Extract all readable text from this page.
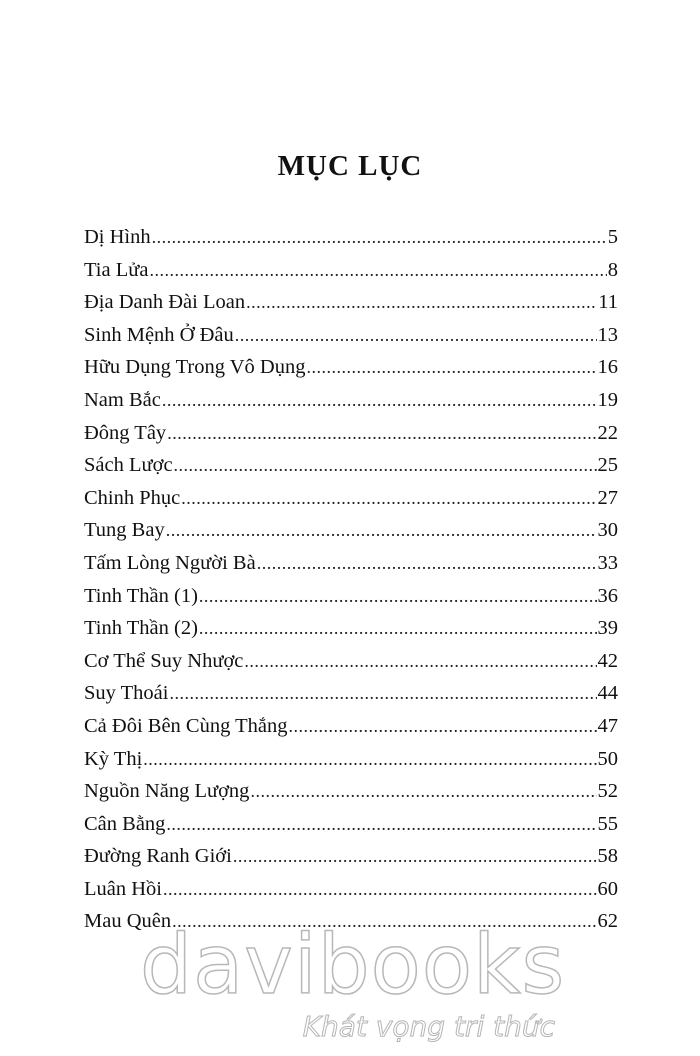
MỤC LỤC
Dị Hình .....	5
Tia Lửa .....	8
Địa Danh Đài Loan .....	11
Sinh Mệnh Ở Đâu .....	13
Hữu Dụng Trong Vô Dụng .....	16
Nam Bắc .....	19
Đông Tây .....	22
Sách Lược .....	25
Chinh Phục .....	27
Tung Bay .....	30
Tấm Lòng Người Bà .....	33
Tinh Thần (1) .....	36
Tinh Thần (2) .....	39
Cơ Thể Suy Nhược .....	42
Suy Thoái .....	44
Cả Đôi Bên Cùng Thắng .....	47
Kỳ Thị .....	50
Nguồn Năng Lượng .....	52
Cân Bằng .....	55
Đường Ranh Giới .....	58
Luân Hồi .....	60
Mau Quên .....	62
davibooks
Khát vọng tri thức
